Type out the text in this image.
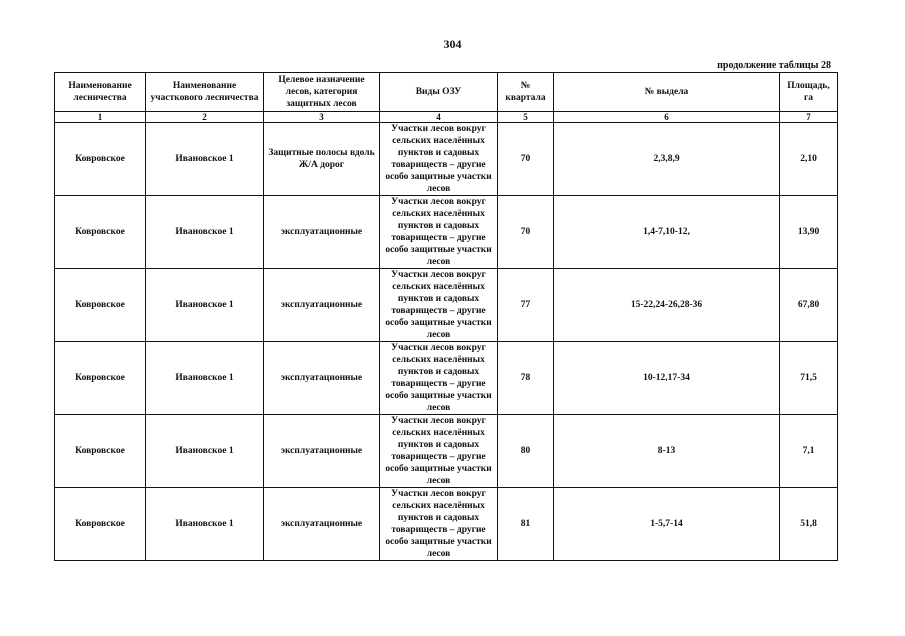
304
продолжение таблицы 28
Наименование лесничества	Наименование участкового лесничества	Целевое назначение лесов, категория защитных лесов	Виды ОЗУ	№ квартала	№ выдела	Площадь, га
1	2	3	4	5	6	7
Ковровское	Ивановское 1	Защитные полосы вдоль Ж/А дорог	Участки лесов вокруг сельских населённых пунктов и садовых товариществ – другие особо защитные участки лесов	70	2,3,8,9	2,10
Ковровское	Ивановское 1	эксплуатационные	Участки лесов вокруг сельских населённых пунктов и садовых товариществ – другие особо защитные участки лесов	70	1,4-7,10-12,	13,90
Ковровское	Ивановское 1	эксплуатационные	Участки лесов вокруг сельских населённых пунктов и садовых товариществ – другие особо защитные участки лесов	77	15-22,24-26,28-36	67,80
Ковровское	Ивановское 1	эксплуатационные	Участки лесов вокруг сельских населённых пунктов и садовых товариществ – другие особо защитные участки лесов	78	10-12,17-34	71,5
Ковровское	Ивановское 1	эксплуатационные	Участки лесов вокруг сельских населённых пунктов и садовых товариществ – другие особо защитные участки лесов	80	8-13	7,1
Ковровское	Ивановское 1	эксплуатационные	Участки лесов вокруг сельских населённых пунктов и садовых товариществ – другие особо защитные участки лесов	81	1-5,7-14	51,8
